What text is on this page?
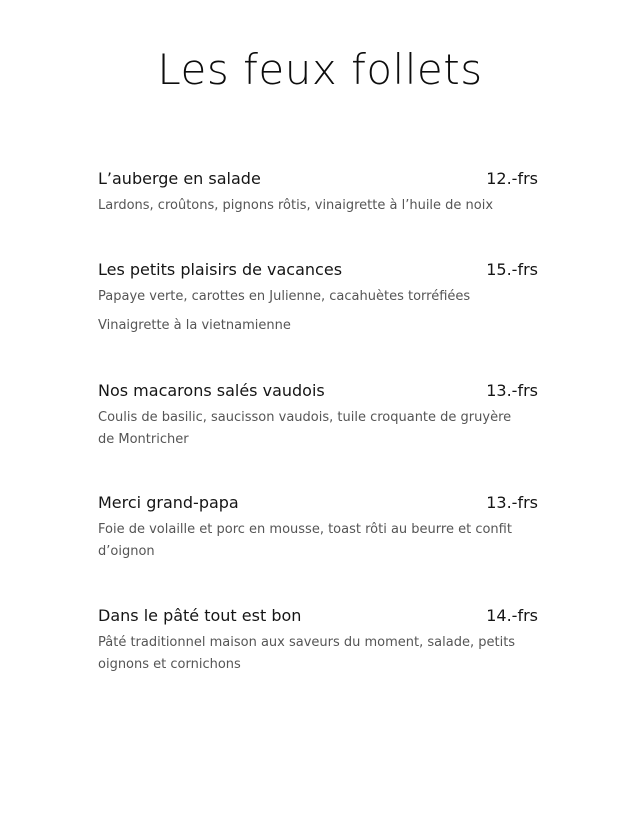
Les feux follets
L’auberge en salade	12.-frs
Lardons, croûtons, pignons rôtis, vinaigrette à l’huile de noix
Les petits plaisirs de vacances	15.-frs
Papaye verte, carottes en Julienne, cacahuètes torréfiées
Vinaigrette à la vietnamienne
Nos macarons salés vaudois	13.-frs
Coulis de basilic, saucisson vaudois, tuile croquante de gruyère de Montricher
Merci grand-papa	13.-frs
Foie de volaille et porc en mousse, toast rôti au beurre et confit d’oignon
Dans le pâté tout est bon	14.-frs
Pâté traditionnel maison aux saveurs du moment, salade, petits oignons et cornichons
